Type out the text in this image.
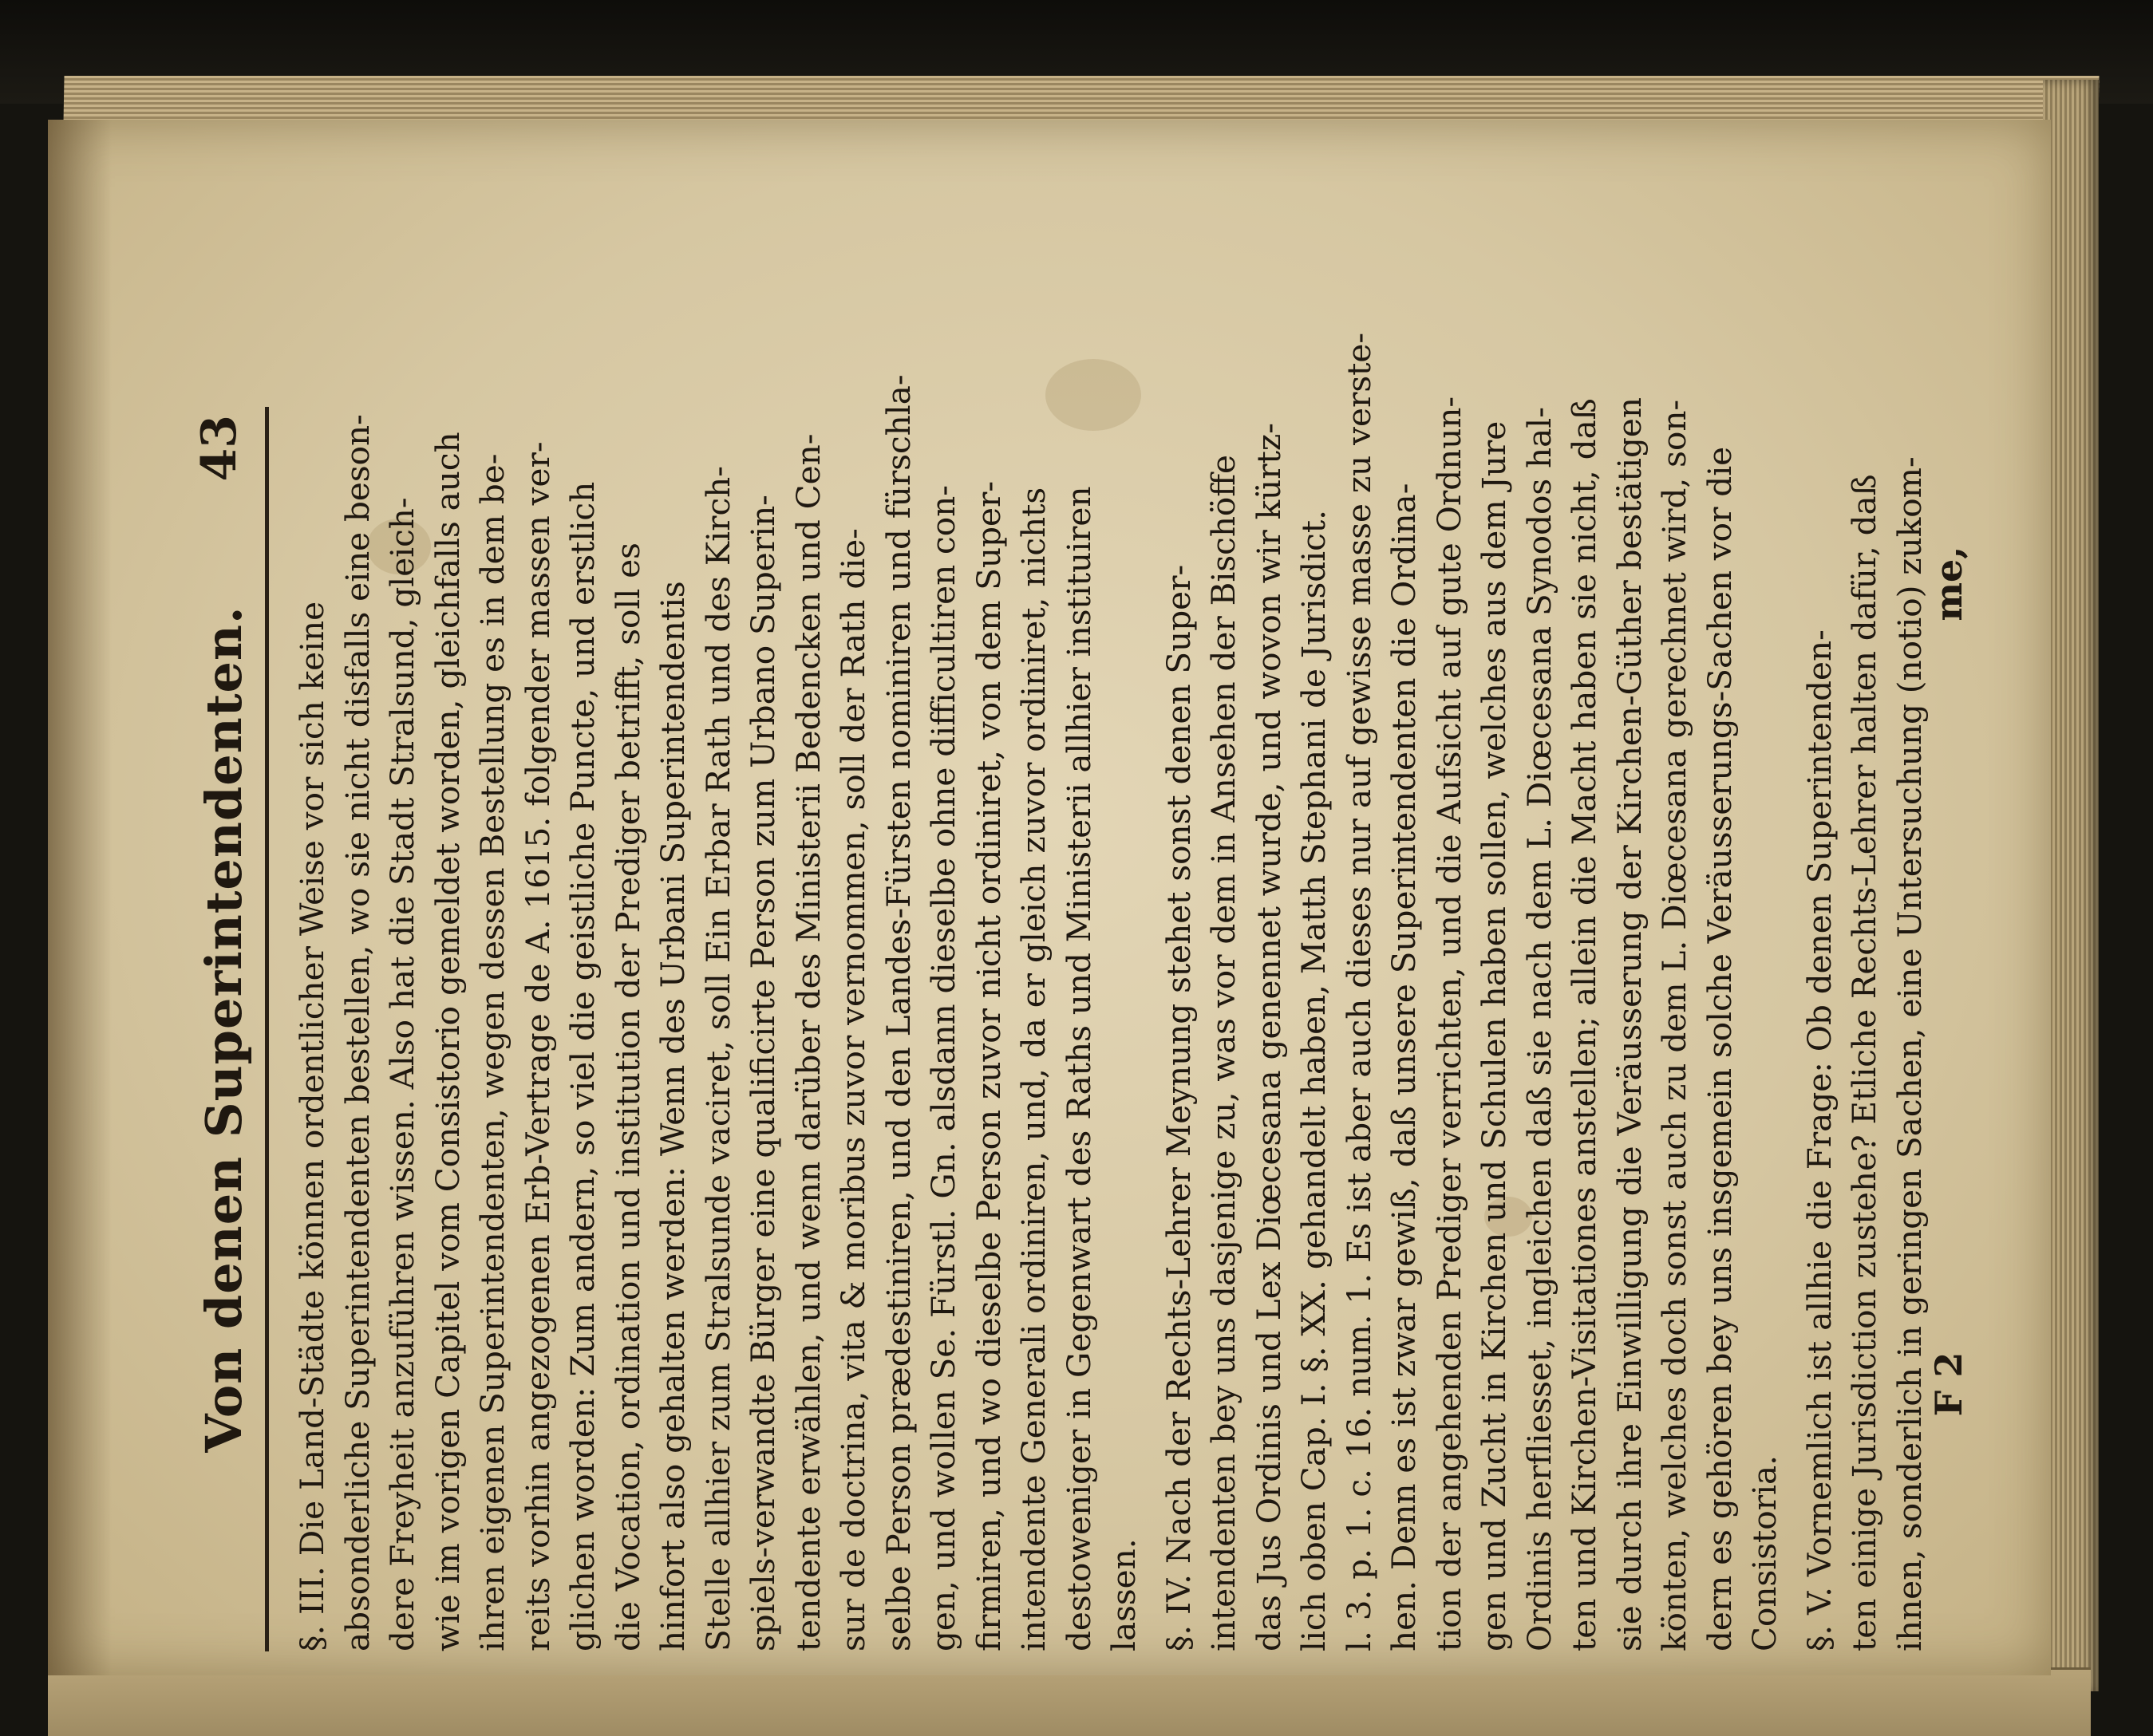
Von denen Superintendenten.
43
§. III. Die Land-Städte können ordentlicher Weise vor sich keine absonderliche Superintendenten bestellen, wo sie nicht disfalls eine beson- dere Freyheit anzuführen wissen. Also hat die Stadt Stralsund, gleich- wie im vorigen Capitel vom Consistorio gemeldet worden, gleichfalls auch ihren eigenen Superintendenten, wegen dessen Bestellung es in dem be- reits vorhin angezogenen Erb-Vertrage de A. 1615. folgender massen ver- glichen worden: Zum andern, so viel die geistliche Puncte, und erstlich die Vocation, ordination und institution der Prediger betrifft, soll es hinfort also gehalten werden: Wenn des Urbani Superintendentis Stelle allhier zum Stralsunde vaciret, soll Ein Erbar Rath und des Kirch- spiels-verwandte Bürger eine qualificirte Person zum Urbano Superin- tendente erwählen, und wenn darüber des Ministerii Bedencken und Cen- sur de doctrina, vita & moribus zuvor vernommen, soll der Rath die- selbe Person prædestiniren, und den Landes-Fürsten nominiren und fürschla- gen, und wollen Se. Fürstl. Gn. alsdann dieselbe ohne difficultiren con- firmiren, und wo dieselbe Person zuvor nicht ordiniret, von dem Super- intendente Generali ordiniren, und, da er gleich zuvor ordiniret, nichts destoweniger in Gegenwart des Raths und Ministerii allhier instituiren lassen. §. IV. Nach der Rechts-Lehrer Meynung stehet sonst denen Super- intendenten bey uns dasjenige zu, was vor dem in Ansehen der Bischöffe das Jus Ordinis und Lex Diœcesana genennet wurde, und wovon wir kürtz- lich oben Cap. I. §. XX. gehandelt haben, Matth Stephani de Jurisdict. l. 3. p. 1. c. 16. num. 1. Es ist aber auch dieses nur auf gewisse masse zu verste- hen. Denn es ist zwar gewiß, daß unsere Superintendenten die Ordina- tion der angehenden Prediger verrichten, und die Aufsicht auf gute Ordnun- gen und Zucht in Kirchen und Schulen haben sollen, welches aus dem Jure Ordinis herfliesset, ingleichen daß sie nach dem L. Diœcesana Synodos hal- ten und Kirchen-Visitationes anstellen; allein die Macht haben sie nicht, daß sie durch ihre Einwilligung die Veräusserung der Kirchen-Güther bestätigen könten, welches doch sonst auch zu dem L. Diœcesana gerechnet wird, son- dern es gehören bey uns insgemein solche Veräusserungs-Sachen vor die Consistoria. §. V. Vornemlich ist allhie die Frage: Ob denen Superintenden- ten einige Jurisdiction zustehe? Etliche Rechts-Lehrer halten dafür, daß ihnen, sonderlich in geringen Sachen, eine Untersuchung (notio) zukom-
F 2 me,
